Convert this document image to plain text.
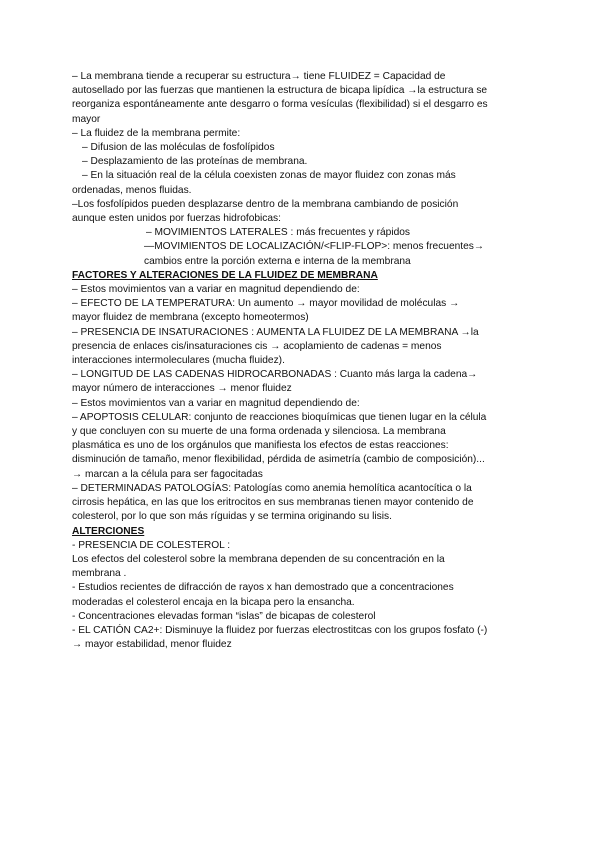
– La membrana tiende a recuperar su estructura→ tiene FLUIDEZ = Capacidad de
autosellado por las fuerzas que mantienen la estructura de bicapa lipídica →la estructura se
reorganiza espontáneamente ante desgarro o forma vesículas (flexibilidad) si el desgarro es
mayor
– La fluidez de la membrana permite:
– Difusion de las moléculas de fosfolípidos
– Desplazamiento de las proteínas de membrana.
– En la situación real de la célula coexisten zonas de mayor fluidez con zonas más
ordenadas, menos fluidas.
–Los fosfolípidos pueden desplazarse dentro de la membrana cambiando de posición
aunque esten unidos por fuerzas hidrofobicas:
– MOVIMIENTOS LATERALES : más frecuentes y rápidos
—MOVIMIENTOS DE LOCALIZACIÓN/<FLIP-FLOP>: menos frecuentes→
cambios entre la porción externa e interna de la membrana
FACTORES Y ALTERACIONES DE LA FLUIDEZ DE MEMBRANA
– Estos movimientos van a variar en magnitud dependiendo de:
– EFECTO DE LA TEMPERATURA: Un aumento → mayor movilidad de moléculas →
mayor fluidez de membrana (excepto homeotermos)
– PRESENCIA DE INSATURACIONES : AUMENTA LA FLUIDEZ DE LA MEMBRANA →la
presencia de enlaces cis/insaturaciones cis → acoplamiento de cadenas = menos
interacciones intermoleculares (mucha fluidez).
– LONGITUD DE LAS CADENAS HIDROCARBONADAS : Cuanto más larga la cadena→
mayor número de interacciones → menor fluidez
– Estos movimientos van a variar en magnitud dependiendo de:
– APOPTOSIS CELULAR: conjunto de reacciones bioquímicas que tienen lugar en la célula
y que concluyen con su muerte de una forma ordenada y silenciosa. La membrana
plasmática es uno de los orgánulos que manifiesta los efectos de estas reacciones:
disminución de tamaño, menor flexibilidad, pérdida de asimetría (cambio de composición)...
→ marcan a la célula para ser fagocitadas
– DETERMINADAS PATOLOGÍAS: Patologías como anemia hemolítica acantocítica o la
cirrosis hepática, en las que los eritrocitos en sus membranas tienen mayor contenido de
colesterol, por lo que son más ríguidas y se termina originando su lisis.
ALTERCIONES
- PRESENCIA DE COLESTEROL :
Los efectos del colesterol sobre la membrana dependen de su concentración en la
membrana .
- Estudios recientes de difracción de rayos x han demostrado que a concentraciones
moderadas el colesterol encaja en la bicapa pero la ensancha.
- Concentraciones elevadas forman “islas” de bicapas de colesterol
- EL CATIÓN CA2+: Disminuye la fluidez por fuerzas electrostitcas con los grupos fosfato (-)
→ mayor estabilidad, menor fluidez
